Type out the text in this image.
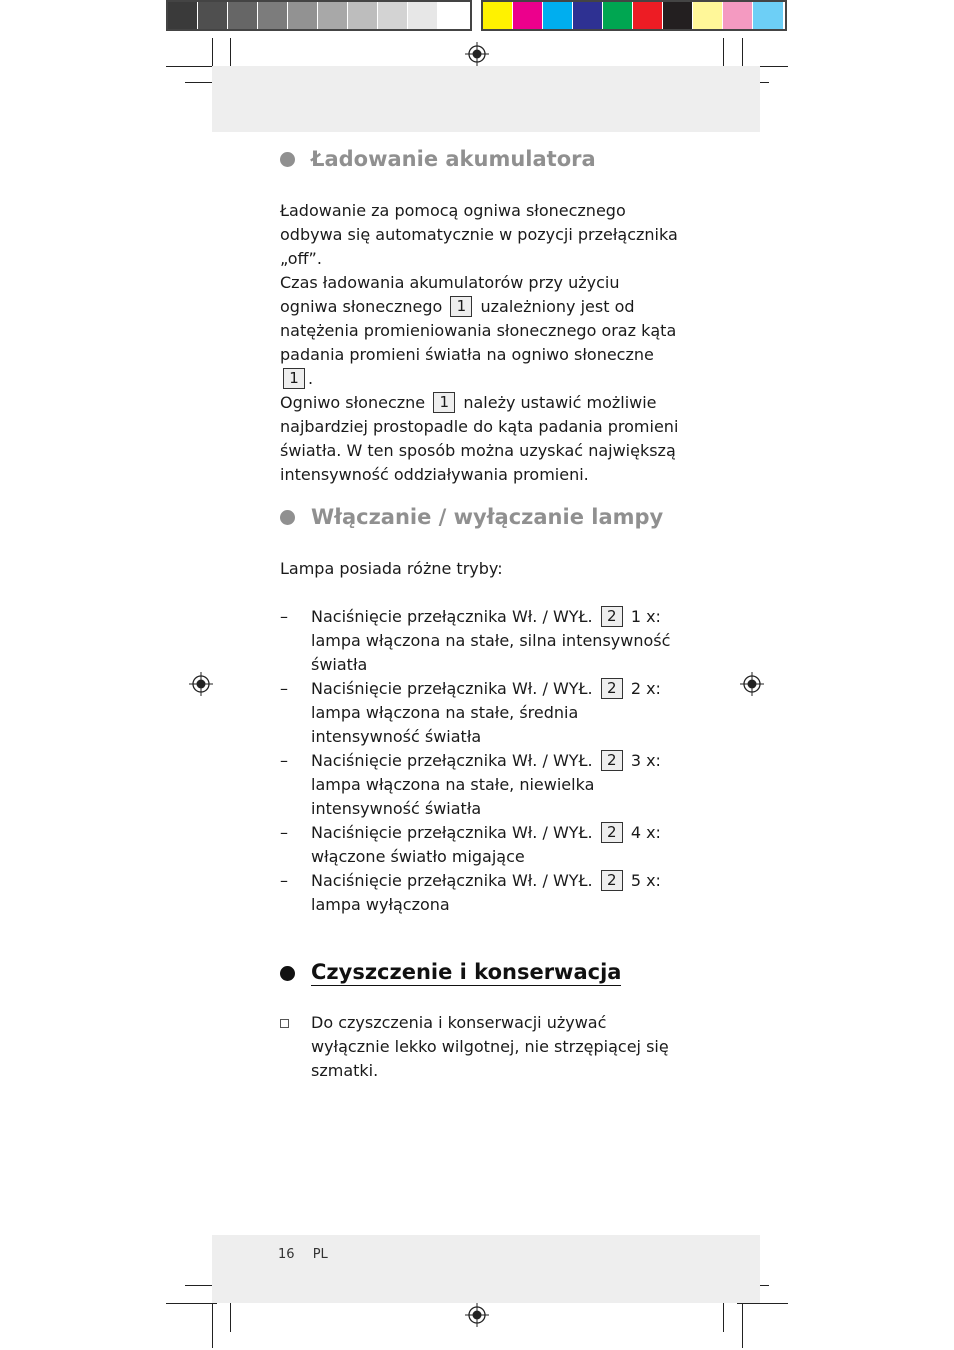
Ładowanie akumulatora

Ładowanie za pomocą ogniwa słonecznego odbywa się automatycznie w pozycji przełącznika „off”.

Czas ładowania akumulatorów przy użyciu ogniwa słonecznego 1 uzależniony jest od natężenia promieniowania słonecznego oraz kąta padania promieni światła na ogniwo słoneczne 1 .

Ogniwo słoneczne 1 należy ustawić możliwie najbardziej prostopadle do kąta padania promieni światła. W ten sposób można uzyskać największą intensywność oddziaływania promieni.

Włączanie / wyłączanie lampy
Lampa posiada różne tryby:
–	Naciśnięcie przełącznika Wł. / WYŁ. 2 1 x: lampa włączona na stałe, silna intensywność światła
–	Naciśnięcie przełącznika Wł. / WYŁ. 2 2 x: lampa włączona na stałe, średnia intensywność światła
–	Naciśnięcie przełącznika Wł. / WYŁ. 2 3 x: lampa włączona na stałe, niewielka intensywność światła
–	Naciśnięcie przełącznika Wł. / WYŁ. 2 4 x: włączone światło migające
–	Naciśnięcie przełącznika Wł. / WYŁ. 2 5 x: lampa wyłączona
Czyszczenie i konserwacja
Do czyszczenia i konserwacji używać wyłącznie lekko wilgotnej, nie strzępiącej się szmatki.
16 PL
